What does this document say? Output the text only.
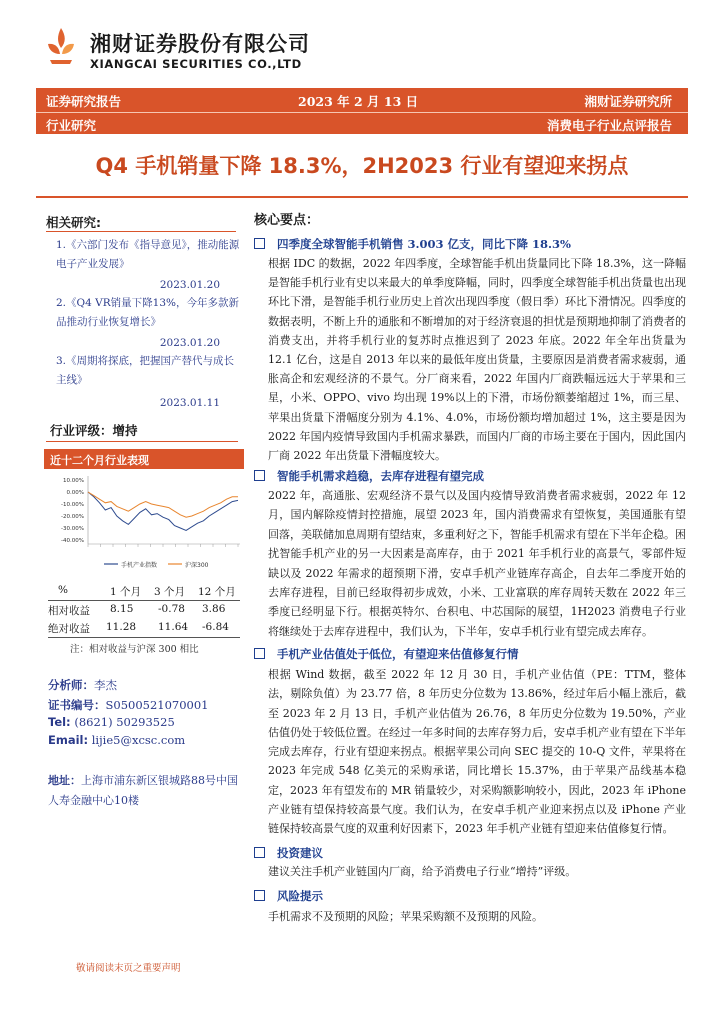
湘财证券股份有限公司
XIANGCAI SECURITIES CO.,LTD
证券研究报告	2023 年 2 月 13 日	湘财证券研究所
行业研究	消费电子行业点评报告
Q4 手机销量下降 18.3%，2H2023 行业有望迎来拐点
相关研究:
1.《六部门发布《指导意见》，推动能源电子产业发展》
2023.01.20
2.《Q4 VR销量下降13%，今年多款新品推动行业恢复增长》
2023.01.20
3.《周期将探底，把握国产替代与成长主线》
2023.01.11
行业评级：增持
近十二个月行业表现
10.00%
0.00%
-10.00%
-20.00%
-30.00%
-40.00%
手机产业指数	沪深300
%	1 个月 3 个月 12 个月
相对收益 8.15 -0.78 3.86
绝对收益 11.28 11.64 -6.84
注：相对收益与沪深 300 相比
分析师：李杰
证书编号：S0500521070001
Tel: (8621) 50293525
Email: lijie5@xcsc.com
地址：上海市浦东新区银城路88号中国人寿金融中心10楼
核心要点：
四季度全球智能手机销售 3.003 亿支，同比下降 18.3%
根据 IDC 的数据，2022 年四季度，全球智能手机出货量同比下降 18.3%，这一降幅是智能手机行业有史以来最大的单季度降幅，同时，四季度全球智能手机出货量也出现环比下滑，是智能手机行业历史上首次出现四季度（假日季）环比下滑情况。四季度的数据表明，不断上升的通胀和不断增加的对于经济衰退的担忧是预期地抑制了消费者的消费支出，并将手机行业的复苏时点推迟到了 2023 年底。2022 年全年出货量为 12.1 亿台，这是自 2013 年以来的最低年度出货量，主要原因是消费者需求疲弱，通胀高企和宏观经济的不景气。分厂商来看，2022 年国内厂商跌幅远远大于苹果和三星，小米、OPPO、vivo 均出现 19%以上的下滑，市场份额萎缩超过 1%，而三星、苹果出货量下滑幅度分别为 4.1%、4.0%，市场份额均增加超过 1%，这主要是因为 2022 年国内疫情导致国内手机需求暴跌，而国内厂商的市场主要在于国内，因此国内厂商 2022 年出货量下滑幅度较大。
智能手机需求趋稳，去库存进程有望完成
2022 年，高通胀、宏观经济不景气以及国内疫情导致消费者需求疲弱，2022 年 12 月，国内解除疫情封控措施，展望 2023 年，国内消费需求有望恢复，美国通胀有望回落，美联储加息周期有望结束，多重利好之下，智能手机需求有望在下半年企稳。困扰智能手机产业的另一大因素是高库存，由于 2021 年手机行业的高景气，零部件短缺以及 2022 年需求的超预期下滑，安卓手机产业链库存高企，自去年二季度开始的去库存进程，目前已经取得初步成效，小米、工业富联的库存周转天数在 2022 年三季度已经明显下行。根据英特尔、台积电、中芯国际的展望，1H2023 消费电子行业将继续处于去库存进程中，我们认为，下半年，安卓手机行业有望完成去库存。
手机产业估值处于低位，有望迎来估值修复行情
根据 Wind 数据，截至 2022 年 12 月 30 日，手机产业估值（PE：TTM，整体法，剔除负值）为 23.77 倍，8 年历史分位数为 13.86%，经过年后小幅上涨后，截至 2023 年 2 月 13 日，手机产业估值为 26.76，8 年历史分位数为 19.50%，产业估值仍处于较低位置。在经过一年多时间的去库存努力后，安卓手机产业有望在下半年完成去库存，行业有望迎来拐点。根据苹果公司向 SEC 提交的 10-Q 文件，苹果将在 2023 年完成 548 亿美元的采购承诺，同比增长 15.37%，由于苹果产品线基本稳定，2023 年有望发布的 MR 销量较少，对采购额影响较小，因此，2023 年 iPhone 产业链有望保持较高景气度。我们认为，在安卓手机产业迎来拐点以及 iPhone 产业链保持较高景气度的双重利好因素下，2023 年手机产业链有望迎来估值修复行情。
投资建议
建议关注手机产业链国内厂商，给予消费电子行业“增持”评级。
风险提示
手机需求不及预期的风险；苹果采购额不及预期的风险。
敬请阅读末页之重要声明
